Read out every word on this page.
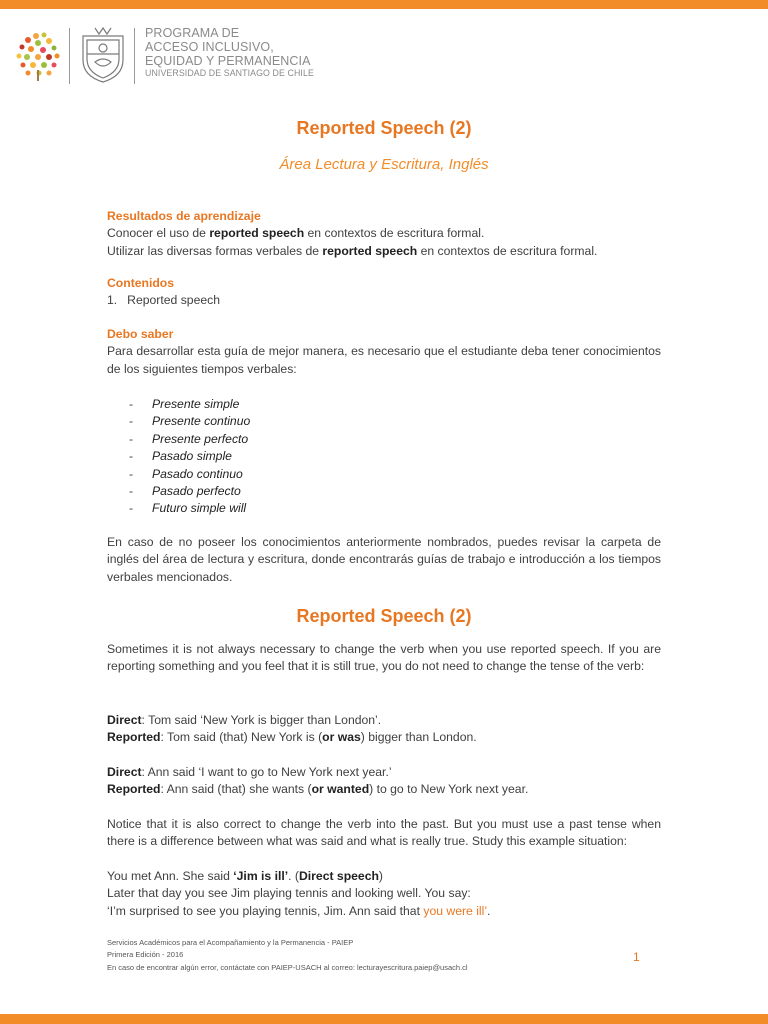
PROGRAMA DE
ACCESO INCLUSIVO,
EQUIDAD Y PERMANENCIA
UNIVERSIDAD DE SANTIAGO DE CHILE
Reported Speech (2)
Área Lectura y Escritura, Inglés
Resultados de aprendizaje
Conocer el uso de reported speech en contextos de escritura formal.
Utilizar las diversas formas verbales de reported speech en contextos de escritura formal.
Contenidos
1. Reported speech
Debo saber
Para desarrollar esta guía de mejor manera, es necesario que el estudiante deba tener conocimientos de los siguientes tiempos verbales:
- Presente simple
- Presente continuo
- Presente perfecto
- Pasado simple
- Pasado continuo
- Pasado perfecto
- Futuro simple will
En caso de no poseer los conocimientos anteriormente nombrados, puedes revisar la carpeta de inglés del área de lectura y escritura, donde encontrarás guías de trabajo e introducción a los tiempos verbales mencionados.
Reported Speech (2)
Sometimes it is not always necessary to change the verb when you use reported speech. If you are reporting something and you feel that it is still true, you do not need to change the tense of the verb:
Direct: Tom said ‘New York is bigger than London’.
Reported: Tom said (that) New York is (or was) bigger than London.
Direct: Ann said ‘I want to go to New York next year.’
Reported: Ann said (that) she wants (or wanted) to go to New York next year.
Notice that it is also correct to change the verb into the past. But you must use a past tense when there is a difference between what was said and what is really true. Study this example situation:
You met Ann. She said ‘Jim is ill’. (Direct speech)
Later that day you see Jim playing tennis and looking well. You say:
‘I’m surprised to see you playing tennis, Jim. Ann said that you were ill’.
Servicios Académicos para el Acompañamiento y la Permanencia - PAIEP
Primera Edición - 2016
En caso de encontrar algún error, contáctate con PAIEP-USACH al correo: lecturayescritura.paiep@usach.cl
1
